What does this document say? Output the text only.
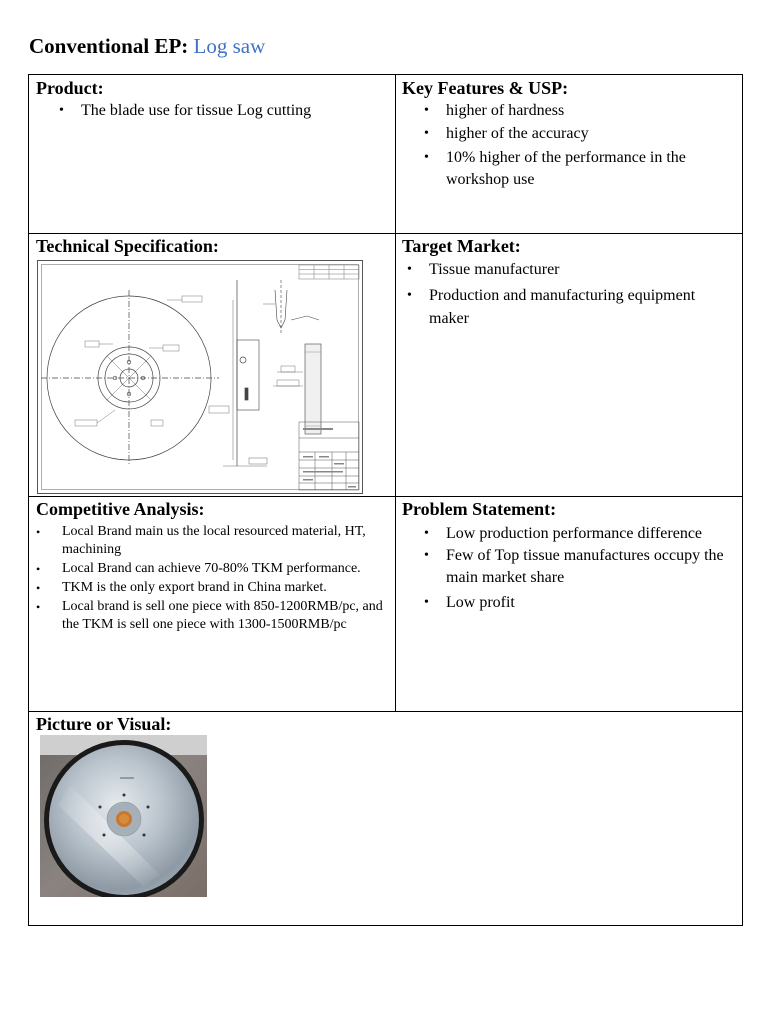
Conventional EP: Log saw
Product:
• The blade use for tissue Log cutting
Key Features & USP:
• higher of hardness
• higher of the accuracy
• 10% higher of the performance in the workshop use
Technical Specification:	Target Market:
• Tissue manufacturer
• Production and manufacturing equipment maker
Competitive Analysis:
• Local Brand main us the local resourced material, HT, machining
• Local Brand can achieve 70-80% TKM performance.
• TKM is the only export brand in China market.
• Local brand is sell one piece with 850-1200RMB/pc, and the TKM is sell one piece with 1300-1500RMB/pc
Problem Statement:
• Low production performance difference
• Few of Top tissue manufactures occupy the main market share
• Low profit
Picture or Visual:
